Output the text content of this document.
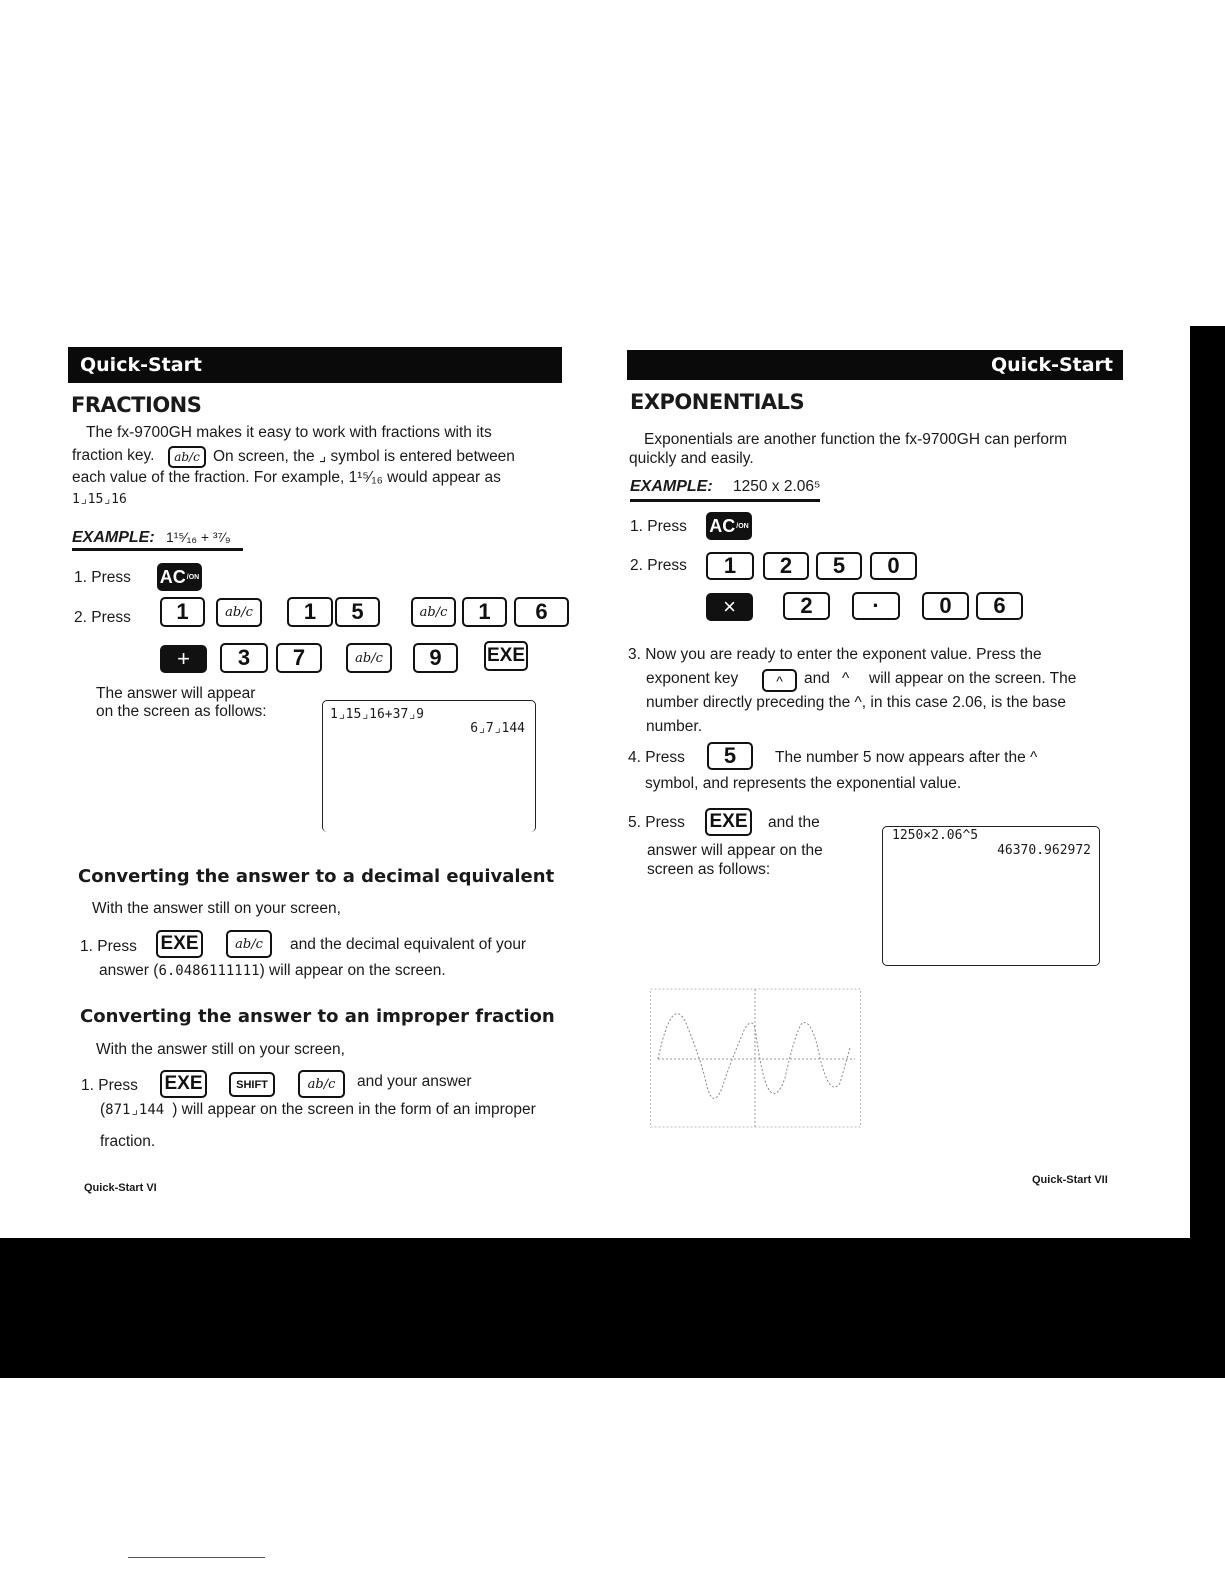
Quick-Start
FRACTIONS
The fx-9700GH makes it easy to work with fractions with its
fraction key.	ab/c On screen, the ⌟ symbol is entered between
each value of the fraction. For example, 1¹⁵⁄₁₆ would appear as
1⌟15⌟16
EXAMPLE: 1¹⁵⁄₁₆ + ³⁷⁄₉
1. Press AC /ON
2. Press	1	ab/c	1	5	ab/c	1	6
+	3	7	ab/c	9	EXE
The answer will appear
on the screen as follows:	1⌟15⌟16+37⌟9
6⌟7⌟144
Converting the answer to a decimal equivalent
With the answer still on your screen,
1. Press EXE	ab/c	and the decimal equivalent of your
answer (6.0486111111) will appear on the screen.
Converting the answer to an improper fraction
With the answer still on your screen,
1. Press EXE	SHIFT	ab/c	and your answer
(871⌟144 ) will appear on the screen in the form of an improper
fraction.
Quick-Start VI
Quick-Start
EXPONENTIALS
Exponentials are another function the fx-9700GH can perform
quickly and easily.
EXAMPLE: 1250 x 2.06⁵
1. Press AC /ON
2. Press	1	2	5	0
×	2	·	0	6
3. Now you are ready to enter the exponent value. Press the
exponent key	^	and ^ will appear on the screen. The
number directly preceding the ^, in this case 2.06, is the base
number.
4. Press	5	The number 5 now appears after the ^
symbol, and represents the exponential value.
5. Press EXE and the
answer will appear on the
screen as follows:
1250×2.06^5
46370.962972
Quick-Start VII
